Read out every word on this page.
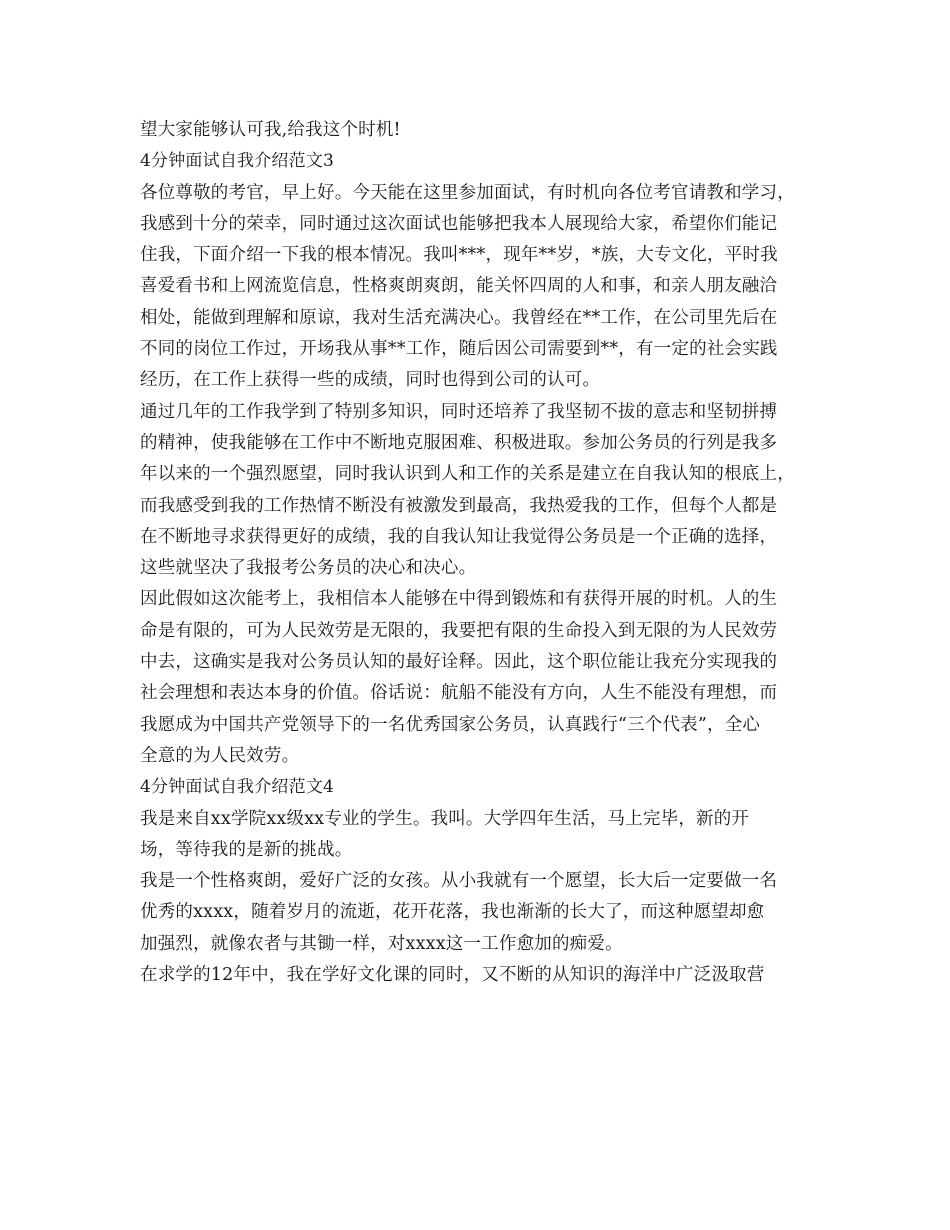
望大家能够认可我,给我这个时机!
4分钟面试自我介绍范文3
各位尊敬的考官，早上好。今天能在这里参加面试，有时机向各位考官请教和学习，
我感到十分的荣幸，同时通过这次面试也能够把我本人展现给大家，希望你们能记
住我，下面介绍一下我的根本情况。我叫***，现年**岁，*族，大专文化，平时我
喜爱看书和上网流览信息，性格爽朗爽朗，能关怀四周的人和事，和亲人朋友融洽
相处，能做到理解和原谅，我对生活充满决心。我曾经在**工作，在公司里先后在
不同的岗位工作过，开场我从事**工作，随后因公司需要到**，有一定的社会实践
经历，在工作上获得一些的成绩，同时也得到公司的认可。
通过几年的工作我学到了特别多知识，同时还培养了我坚韧不拔的意志和坚韧拼搏
的精神，使我能够在工作中不断地克服困难、积极进取。参加公务员的行列是我多
年以来的一个强烈愿望，同时我认识到人和工作的关系是建立在自我认知的根底上，
而我感受到我的工作热情不断没有被激发到最高，我热爱我的工作，但每个人都是
在不断地寻求获得更好的成绩，我的自我认知让我觉得公务员是一个正确的选择，
这些就坚决了我报考公务员的决心和决心。
因此假如这次能考上，我相信本人能够在中得到锻炼和有获得开展的时机。人的生
命是有限的，可为人民效劳是无限的，我要把有限的生命投入到无限的为人民效劳
中去，这确实是我对公务员认知的最好诠释。因此，这个职位能让我充分实现我的
社会理想和表达本身的价值。俗话说：航船不能没有方向，人生不能没有理想，而
我愿成为中国共产党领导下的一名优秀国家公务员，认真践行“三个代表”，全心
全意的为人民效劳。
4分钟面试自我介绍范文4
我是来自xx学院xx级xx专业的学生。我叫。大学四年生活，马上完毕，新的开
场，等待我的是新的挑战。
我是一个性格爽朗，爱好广泛的女孩。从小我就有一个愿望，长大后一定要做一名
优秀的xxxx，随着岁月的流逝，花开花落，我也渐渐的长大了，而这种愿望却愈
加强烈，就像农者与其锄一样，对xxxx这一工作愈加的痴爱。
在求学的12年中，我在学好文化课的同时，又不断的从知识的海洋中广泛汲取营
